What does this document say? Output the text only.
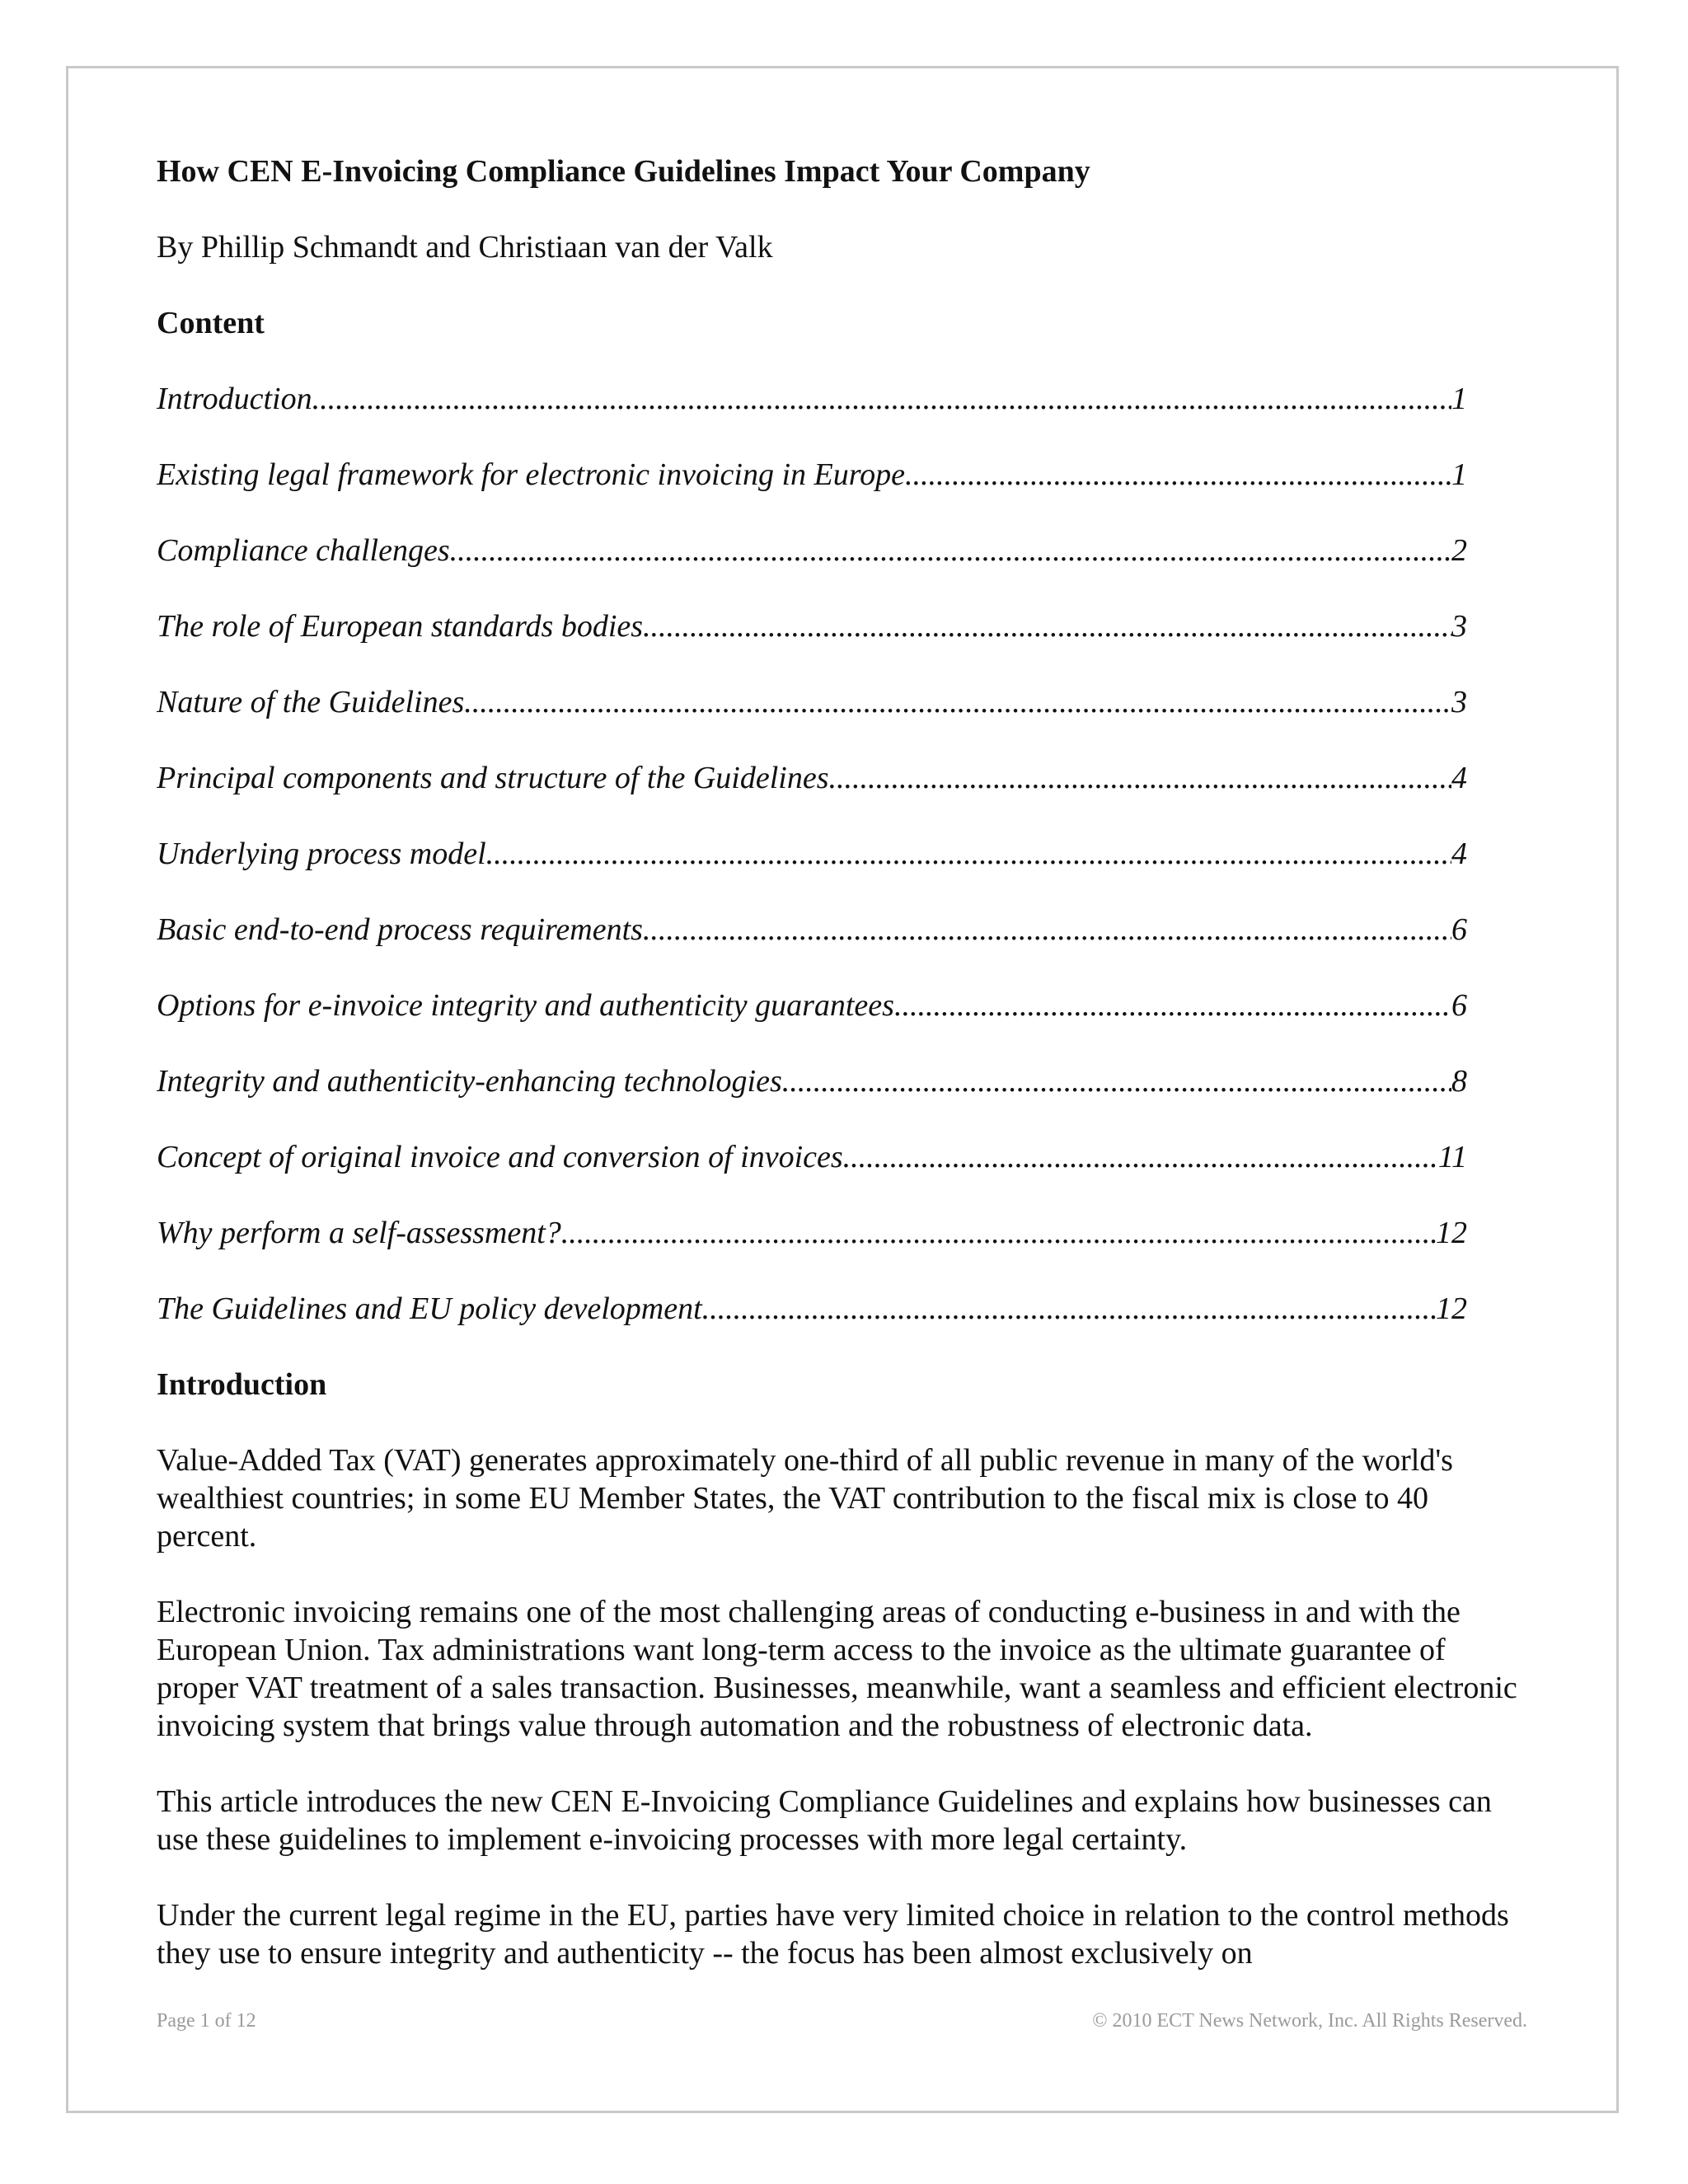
How CEN E-Invoicing Compliance Guidelines Impact Your Company
By Phillip Schmandt and Christiaan van der Valk
Content
Introduction .....	1
Existing legal framework for electronic invoicing in Europe .....	1
Compliance challenges .....	2
The role of European standards bodies .....	3
Nature of the Guidelines .....	3
Principal components and structure of the Guidelines .....	4
Underlying process model .....	4
Basic end-to-end process requirements .....	6
Options for e-invoice integrity and authenticity guarantees .....	6
Integrity and authenticity-enhancing technologies .....	8
Concept of original invoice and conversion of invoices .....	11
Why perform a self-assessment? .....	12
The Guidelines and EU policy development .....	12
Introduction

Value-Added Tax (VAT) generates approximately one-third of all public revenue in many of the world's wealthiest countries; in some EU Member States, the VAT contribution to the fiscal mix is close to 40 percent.

Electronic invoicing remains one of the most challenging areas of conducting e-business in and with the European Union. Tax administrations want long-term access to the invoice as the ultimate guarantee of proper VAT treatment of a sales transaction. Businesses, meanwhile, want a seamless and efficient electronic invoicing system that brings value through automation and the robustness of electronic data.

This article introduces the new CEN E-Invoicing Compliance Guidelines and explains how businesses can use these guidelines to implement e-invoicing processes with more legal certainty.

Under the current legal regime in the EU, parties have very limited choice in relation to the control methods they use to ensure integrity and authenticity -- the focus has been almost exclusively on

Page 1 of 12	© 2010 ECT News Network, Inc. All Rights Reserved.
